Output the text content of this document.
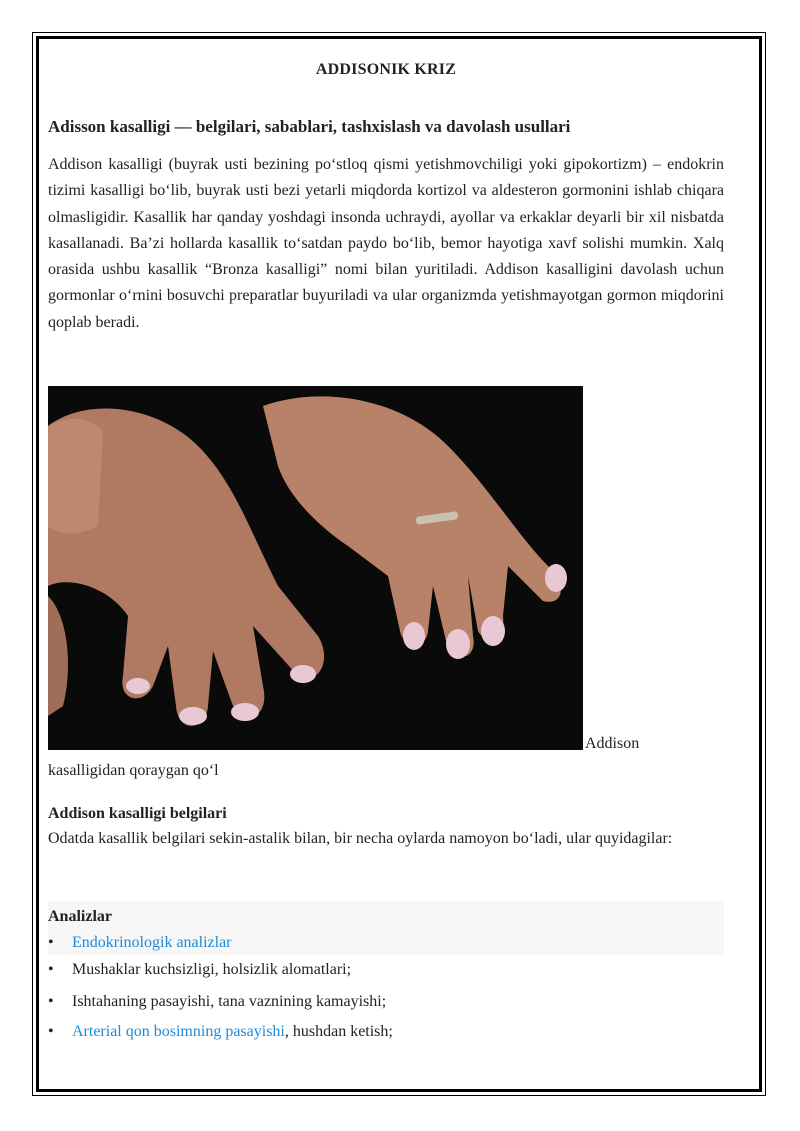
ADDISONIK KRIZ
Adisson kasalligi — belgilari, sabablari, tashxislash va davolash usullari

Addison kasalligi (buyrak usti bezining po‘stloq qismi yetishmovchiligi yoki gipokortizm) – endokrin tizimi kasalligi bo‘lib, buyrak usti bezi yetarli miqdorda kortizol va aldesteron gormonini ishlab chiqara olmasligidir. Kasallik har qanday yoshdagi insonda uchraydi, ayollar va erkaklar deyarli bir xil nisbatda kasallanadi. Ba’zi hollarda kasallik to‘satdan paydo bo‘lib, bemor hayotiga xavf solishi mumkin. Xalq orasida ushbu kasallik “Bronza kasalligi” nomi bilan yuritiladi. Addison kasalligini davolash uchun gormonlar o‘rnini bosuvchi preparatlar buyuriladi va ular organizmda yetishmayotgan gormon miqdorini qoplab beradi.

Addison
kasalligidan qoraygan qo‘l
Addison kasalligi belgilari

Odatda kasallik belgilari sekin-astalik bilan, bir necha oylarda namoyon bo‘ladi, ular quyidagilar:

Analizlar
• Endokrinologik analizlar
• Mushaklar kuchsizligi, holsizlik alomatlari;
• Ishtahaning pasayishi, tana vaznining kamayishi;
• Arterial qon bosimning pasayishi, hushdan ketish;
